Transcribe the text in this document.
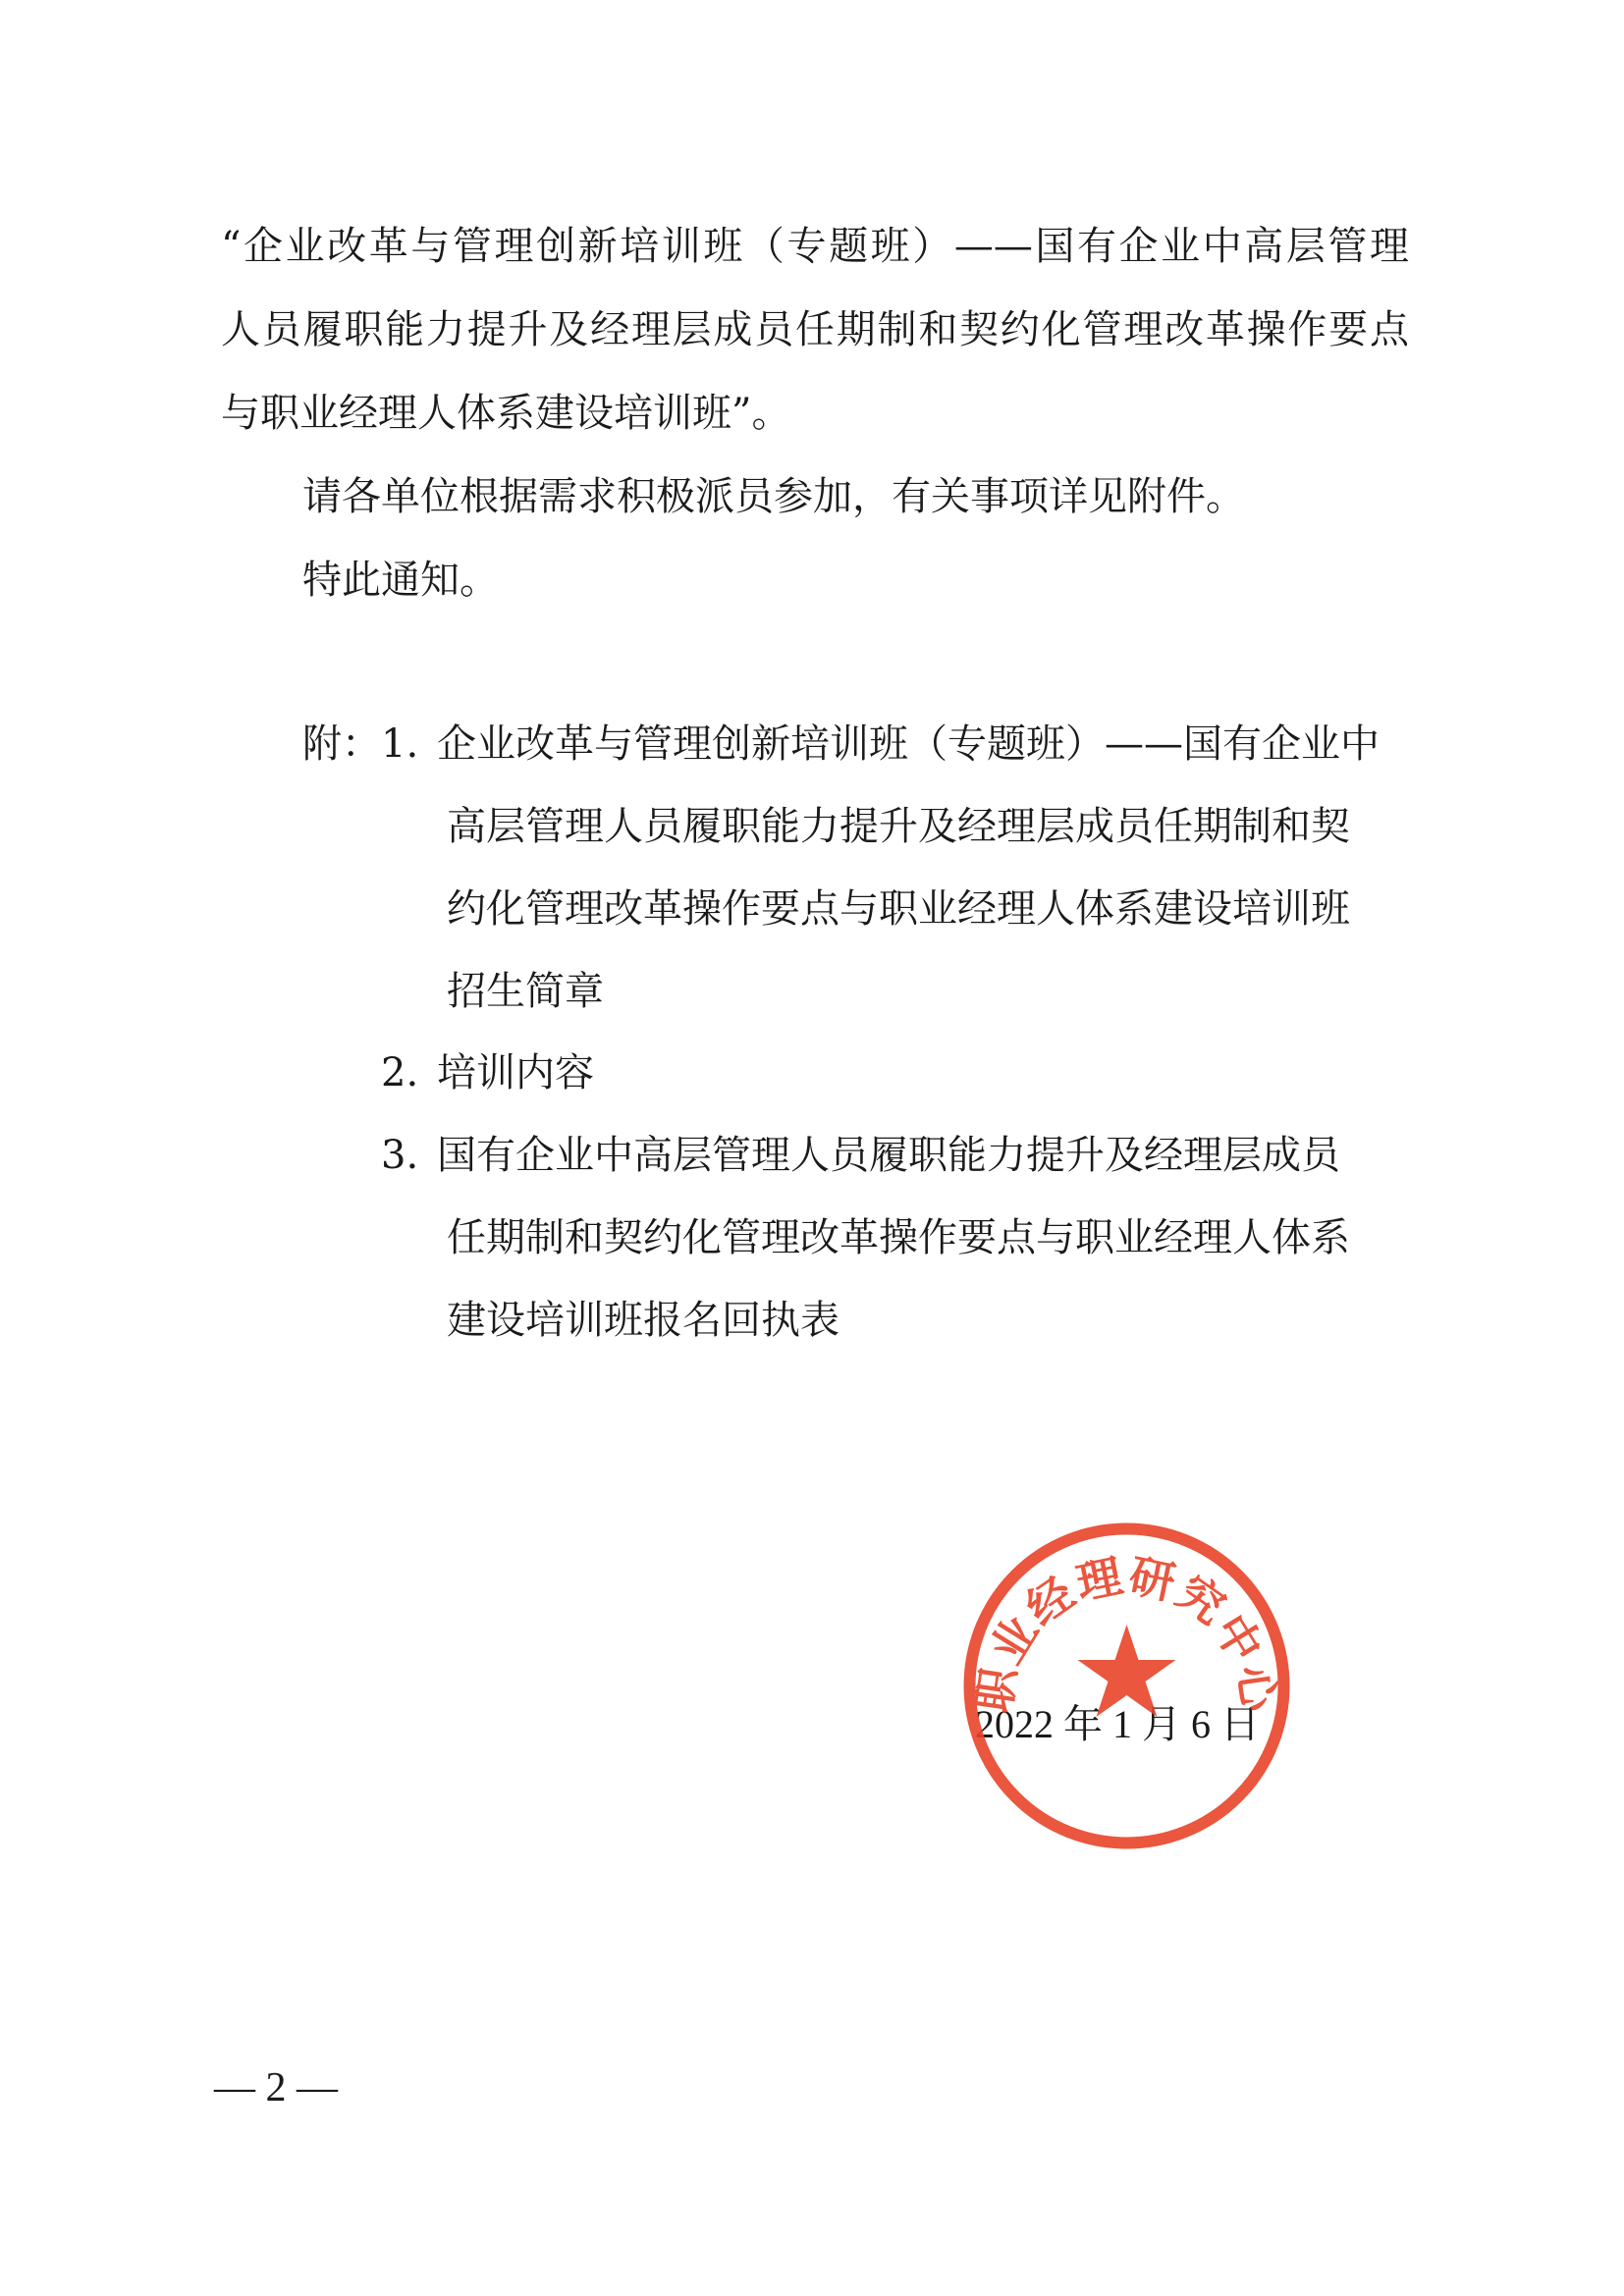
“企业改革与管理创新培训班（专题班）——国有企业中高层管理
人员履职能力提升及经理层成员任期制和契约化管理改革操作要点
与职业经理人体系建设培训班”。
请各单位根据需求积极派员参加，有关事项详见附件。
特此通知。
附： 1. 企业改革与管理创新培训班（专题班）——国有企业中
高层管理人员履职能力提升及经理层成员任期制和契
约化管理改革操作要点与职业经理人体系建设培训班
招生简章
2. 培训内容
3. 国有企业中高层管理人员履职能力提升及经理层成员
任期制和契约化管理改革操作要点与职业经理人体系
建设培训班报名回执表
2022 年 1 月 6 日
职业经理研究中心
— 2 —
